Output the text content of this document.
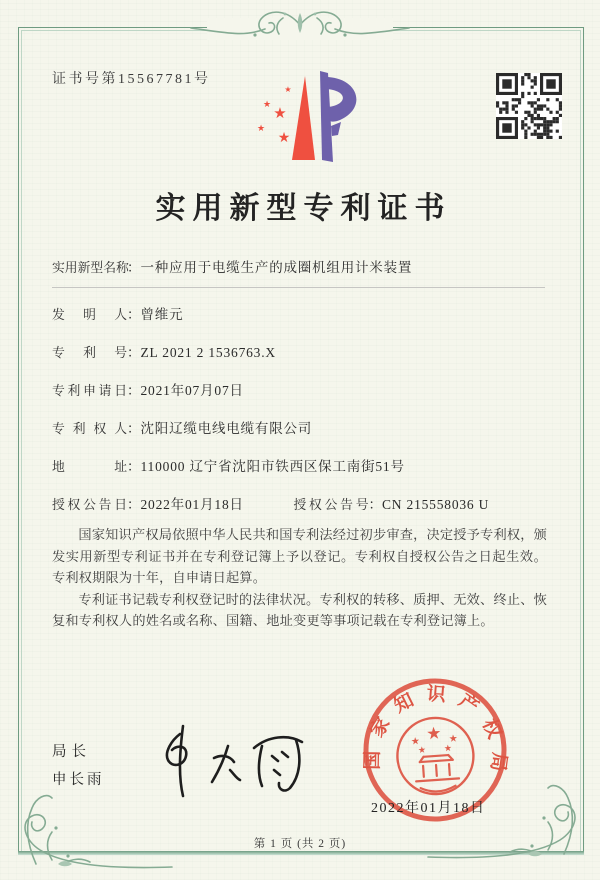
证书号第15567781号
★
★
★
★
★
实用新型专利证书
实用新型名称：一种应用于电缆生产的成圈机组用计米装置
发明人：曾维元
专利号：ZL 2021 2 1536763.X
专利申请日：2021年07月07日
专利权人：沈阳辽缆电线电缆有限公司
地址：110000 辽宁省沈阳市铁西区保工南街51号
授权公告日：2022年01月18日	授权公告号：CN 215558036 U

国家知识产权局依照中华人民共和国专利法经过初步审查，决定授予专利权，颁发实用新型专利证书并在专利登记簿上予以登记。专利权自授权公告之日起生效。专利权期限为十年，自申请日起算。

专利证书记载专利权登记时的法律状况。专利权的转移、质押、无效、终止、恢复和专利权人的姓名或名称、国籍、地址变更等事项记载在专利登记簿上。

局长
申长雨
国家知识产权局
★
★	★
★ ★
2022年01月18日
第 1 页 (共 2 页)
